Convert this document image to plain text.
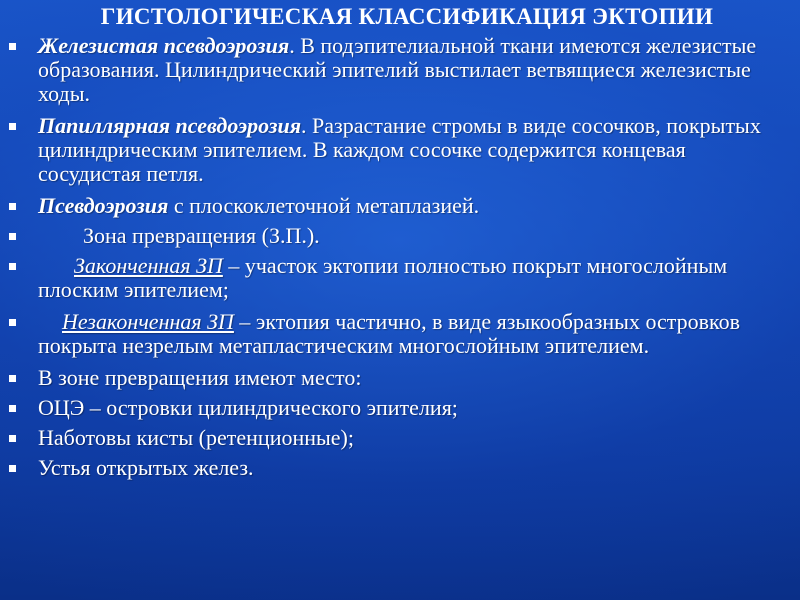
ГИСТОЛОГИЧЕСКАЯ КЛАССИФИКАЦИЯ ЭКТОПИИ
Железистая псевдоэрозия. В подэпителиальной ткани имеются железистые образования. Цилиндрический эпителий выстилает ветвящиеся железистые ходы.
Папиллярная псевдоэрозия. Разрастание стромы в виде сосочков, покрытых цилиндрическим эпителием. В каждом сосочке содержится концевая сосудистая петля.
Псевдоэрозия с плоскоклеточной метаплазией.
Зона превращения (З.П.).
Законченная ЗП – участок эктопии полностью покрыт многослойным плоским эпителием;
Незаконченная ЗП – эктопия частично, в виде языкообразных островков покрыта незрелым метапластическим многослойным эпителием.
В зоне превращения имеют место:
ОЦЭ – островки цилиндрического эпителия;
Наботовы кисты (ретенционные);
Устья открытых желез.
